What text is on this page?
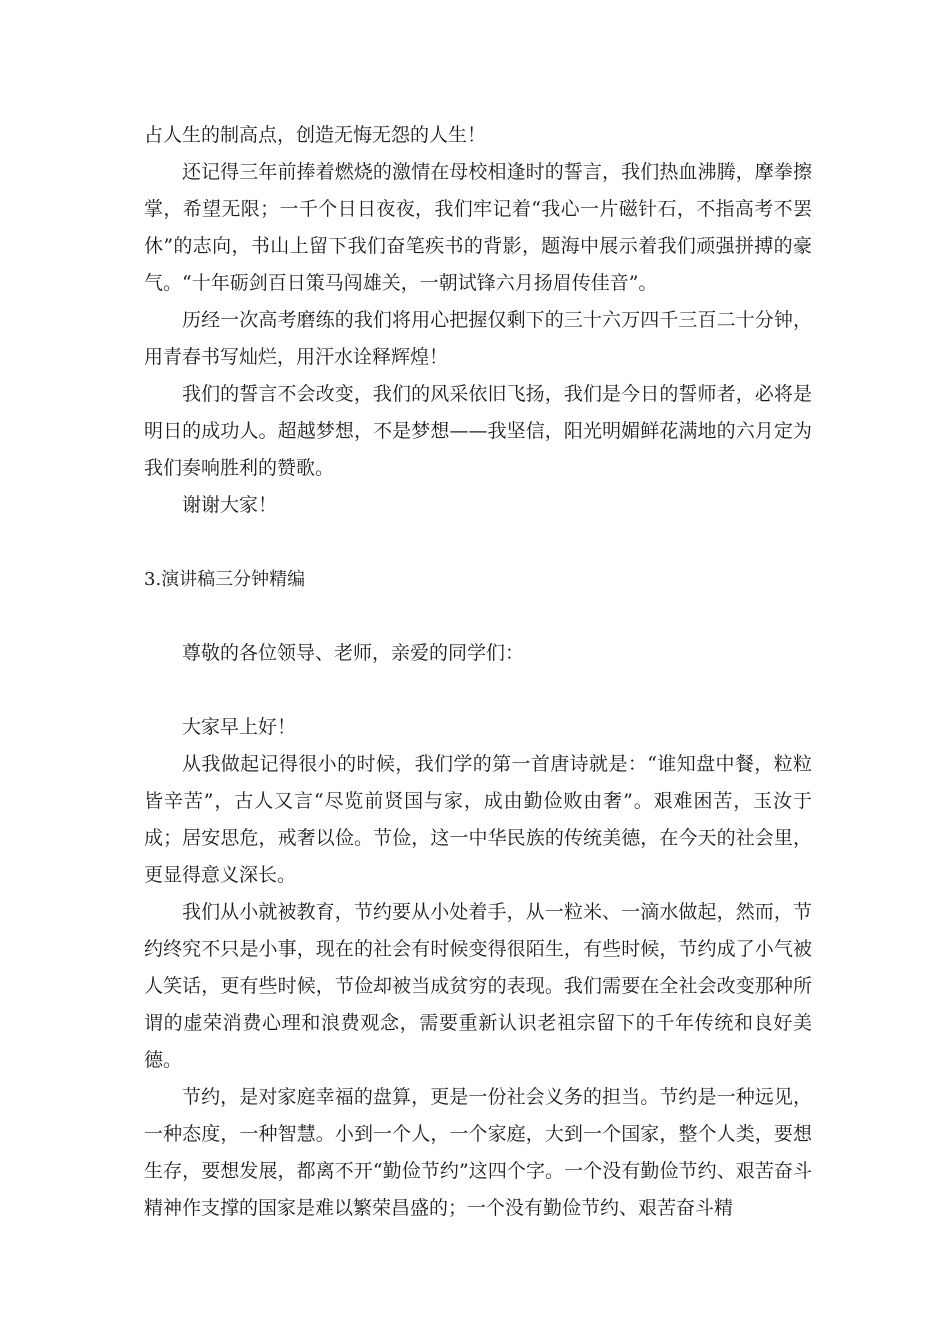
占人生的制高点，创造无悔无怨的人生！

还记得三年前捧着燃烧的激情在母校相逢时的誓言，我们热血沸腾，摩拳擦掌，希望无限；一千个日日夜夜，我们牢记着“我心一片磁针石，不指高考不罢休”的志向，书山上留下我们奋笔疾书的背影，题海中展示着我们顽强拼搏的豪气。“十年砺剑百日策马闯雄关，一朝试锋六月扬眉传佳音”。

历经一次高考磨练的我们将用心把握仅剩下的三十六万四千三百二十分钟，用青春书写灿烂，用汗水诠释辉煌！

我们的誓言不会改变，我们的风采依旧飞扬，我们是今日的誓师者，必将是明日的成功人。超越梦想，不是梦想——我坚信，阳光明媚鲜花满地的六月定为我们奏响胜利的赞歌。

谢谢大家！

3.演讲稿三分钟精编

尊敬的各位领导、老师，亲爱的同学们：

大家早上好！

从我做起记得很小的时候，我们学的第一首唐诗就是：“谁知盘中餐，粒粒皆辛苦”，古人又言“尽览前贤国与家，成由勤俭败由奢”。艰难困苦，玉汝于成；居安思危，戒奢以俭。节俭，这一中华民族的传统美德，在今天的社会里，更显得意义深长。

我们从小就被教育，节约要从小处着手，从一粒米、一滴水做起，然而，节约终究不只是小事，现在的社会有时候变得很陌生，有些时候，节约成了小气被人笑话，更有些时候，节俭却被当成贫穷的表现。我们需要在全社会改变那种所谓的虚荣消费心理和浪费观念，需要重新认识老祖宗留下的千年传统和良好美德。

节约，是对家庭幸福的盘算，更是一份社会义务的担当。节约是一种远见，一种态度，一种智慧。小到一个人，一个家庭，大到一个国家，整个人类，要想生存，要想发展，都离不开“勤俭节约”这四个字。一个没有勤俭节约、艰苦奋斗精神作支撑的国家是难以繁荣昌盛的；一个没有勤俭节约、艰苦奋斗精
